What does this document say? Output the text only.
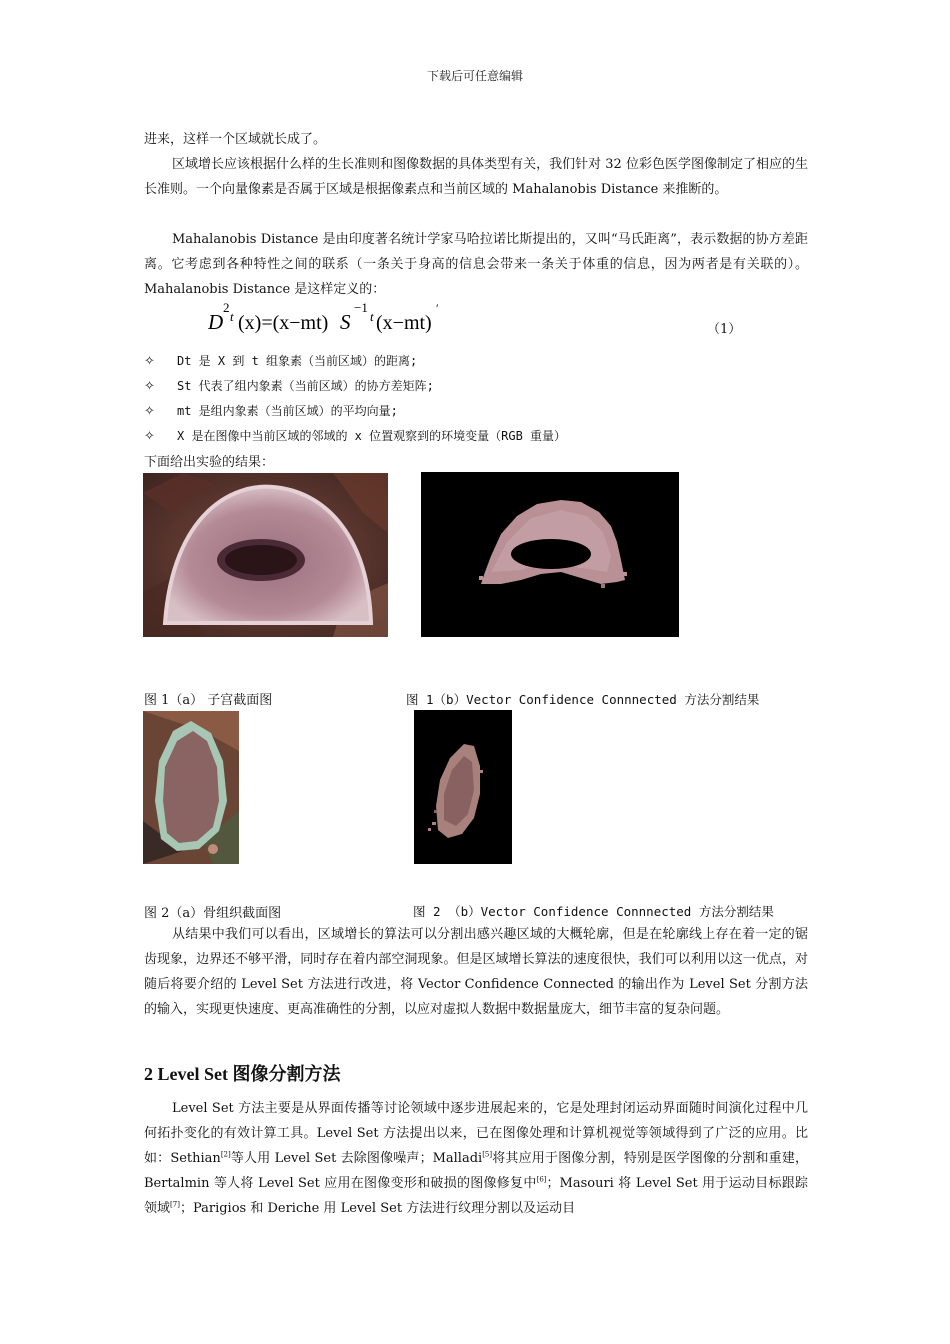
下载后可任意编辑

进来，这样一个区域就长成了。

区域增长应该根据什么样的生长准则和图像数据的具体类型有关，我们针对 32 位彩色医学图像制定了相应的生长准则。一个向量像素是否属于区域是根据像素点和当前区域的 Mahalanobis Distance 来推断的。

Mahalanobis Distance 是由印度著名统计学家马哈拉诺比斯提出的，又叫“马氏距离”，表示数据的协方差距离。它考虑到各种特性之间的联系（一条关于身高的信息会带来一条关于体重的信息，因为两者是有关联的）。Mahalanobis Distance 是这样定义的：

D
2
t (x)=(x−mt) S
−1
t (x−mt)
′
（1）
✧ Dt 是 X 到 t 组象素（当前区域）的距离;
✧ St 代表了组内象素（当前区域）的协方差矩阵;
✧ mt 是组内象素（当前区域）的平均向量;
✧ X 是在图像中当前区域的邻域的 x 位置观察到的环境变量（RGB 重量）
下面给出实验的结果：
图 1（a） 子宫截面图	图 1（b）Vector Confidence Connnected 方法分割结果
图 2（a）骨组织截面图	图 2 （b）Vector Confidence Connnected 方法分割结果

从结果中我们可以看出，区域增长的算法可以分割出感兴趣区域的大概轮廓，但是在轮廓线上存在着一定的锯齿现象，边界还不够平滑，同时存在着内部空洞现象。但是区域增长算法的速度很快，我们可以利用以这一优点，对随后将要介绍的 Level Set 方法进行改进，将 Vector Confidence Connected 的输出作为 Level Set 分割方法的输入，实现更快速度、更高准确性的分割，以应对虚拟人数据中数据量庞大，细节丰富的复杂问题。

2 Level Set 图像分割方法

Level Set 方法主要是从界面传播等讨论领域中逐步进展起来的，它是处理封闭运动界面随时间演化过程中几何拓扑变化的有效计算工具。Level Set 方法提出以来，已在图像处理和计算机视觉等领域得到了广泛的应用。比如：Sethian[2]等人用 Level Set 去除图像噪声；Malladi[5]将其应用于图像分割，特别是医学图像的分割和重建，Bertalmin 等人将 Level Set 应用在图像变形和破损的图像修复中[6]；Masouri 将 Level Set 用于运动目标跟踪领域[7]；Parigios 和 Deriche 用 Level Set 方法进行纹理分割以及运动目
